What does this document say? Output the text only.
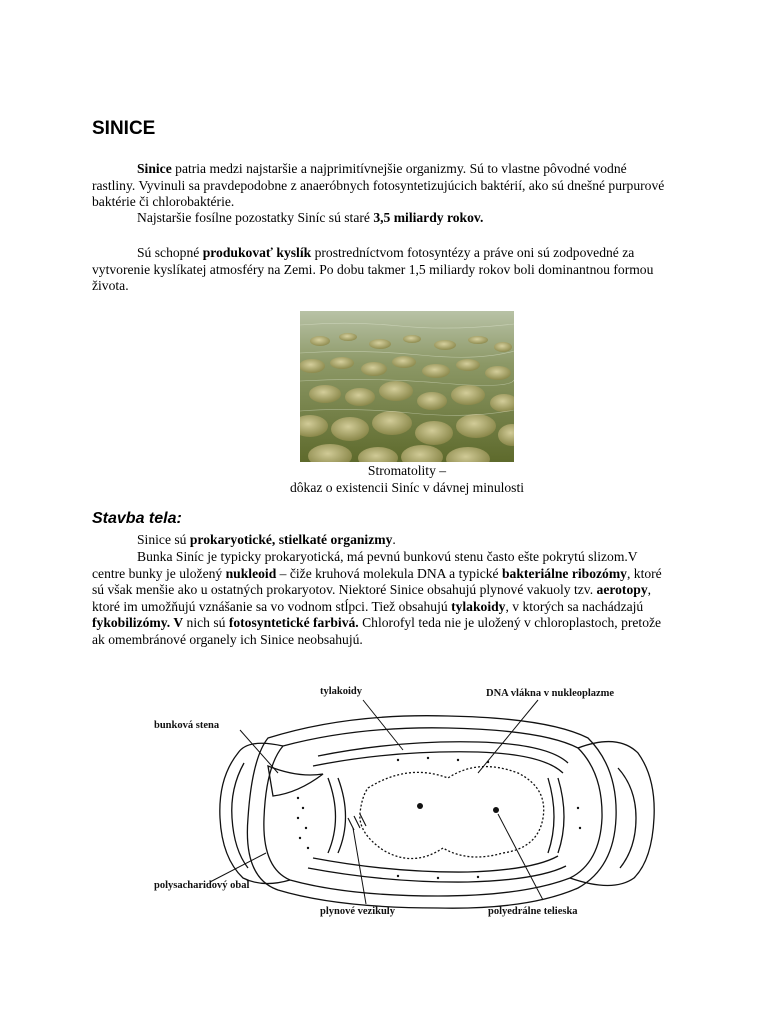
SINICE

Sinice patria medzi najstaršie a najprimitívnejšie organizmy. Sú to vlastne pôvodné vodné rastliny. Vyvinuli sa pravdepodobne z anaeróbnych fotosyntetizujúcich baktérií, ako sú dnešné purpurové baktérie či chlorobaktérie.

Najstaršie fosílne pozostatky Siníc sú staré 3,5 miliardy rokov.

Sú schopné produkovať kyslík prostredníctvom fotosyntézy a práve oni sú zodpovedné za vytvorenie kyslíkatej atmosféry na Zemi. Po dobu takmer 1,5 miliardy rokov boli dominantnou formou života.

Stromatolity –
dôkaz o existencii Siníc v dávnej minulosti
Stavba tela:

Sinice sú prokaryotické, stielkaté organizmy.

Bunka Siníc je typicky prokaryotická, má pevnú bunkovú stenu často ešte pokrytú slizom.V centre bunky je uložený nukleoid – čiže kruhová molekula DNA a typické bakteriálne ribozómy, ktoré sú však menšie ako u ostatných prokaryotov. Niektoré Sinice obsahujú plynové vakuoly tzv. aerotopy, ktoré im umožňujú vznášanie sa vo vodnom stĺpci. Tiež obsahujú tylakoidy, v ktorých sa nachádzajú fykobilizómy. V nich sú fotosyntetické farbivá. Chlorofyl teda nie je uložený v chloroplastoch, pretože ak omembránové organely ich Sinice neobsahujú.

tylakoidy	DNA vlákna v nukleoplazme
bunková stena
polysacharidový obal
plynové vezikuly	polyedrálne telieska
